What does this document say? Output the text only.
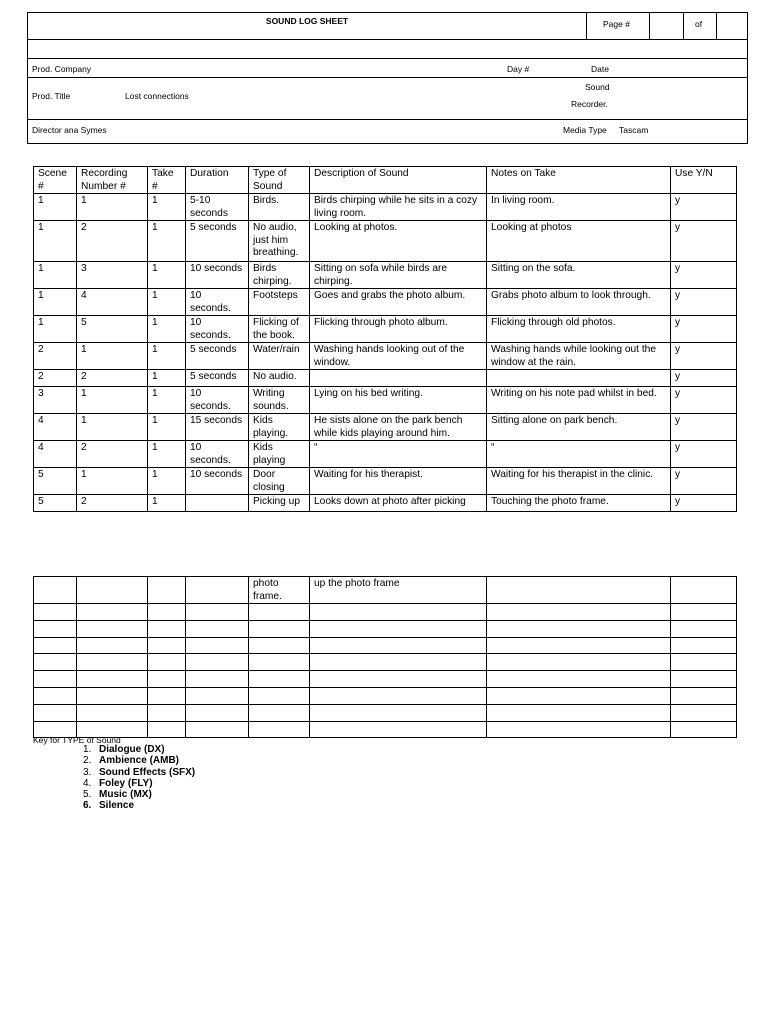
SOUND LOG SHEET	Page #	of
Prod. Company	Day #	Date
Prod. Title	Lost connections
Sound
Recorder.
Director ana Symes	Media Type Tascam
Scene #	Recording Number #	Take #	Duration	Type of Sound	Description of Sound	Notes on Take	Use Y/N
1	1	1	5-10 seconds	Birds.	Birds chirping while he sits in a cozy living room.	In living room.	y
1	2	1	5 seconds	No audio, just him breathing.	Looking at photos.	Looking at photos	y
1	3	1	10 seconds	Birds chirping.	Sitting on sofa while birds are chirping.	Sitting on the sofa.	y
1	4	1	10 seconds.	Footsteps	Goes and grabs the photo album.	Grabs photo album to look through.	y
1	5	1	10 seconds.	Flicking of the book.	Flicking through photo album.	Flicking through old photos.	y
2	1	1	5 seconds	Water/rain	Washing hands looking out of the window.	Washing hands while looking out the window at the rain.	y
2	2	1	5 seconds	No audio.			y
3	1	1	10 seconds.	Writing sounds.	Lying on his bed writing.	Writing on his note pad whilst in bed.	y
4	1	1	15 seconds	Kids playing.	He sists alone on the park bench while kids playing around him.	Sitting alone on park bench.	y
4	2	1	10 seconds.	Kids playing	“	“	y
5	1	1	10 seconds	Door closing	Waiting for his therapist.	Waiting for his therapist in the clinic.	y
5	2	1		Picking up	Looks down at photo after picking	Touching the photo frame.	y
				photo frame.	up the photo frame		

Key for TYPE of Sound
1. Dialogue (DX)
2. Ambience (AMB)
3. Sound Effects (SFX)
4. Foley (FLY)
5. Music (MX)
6. Silence
